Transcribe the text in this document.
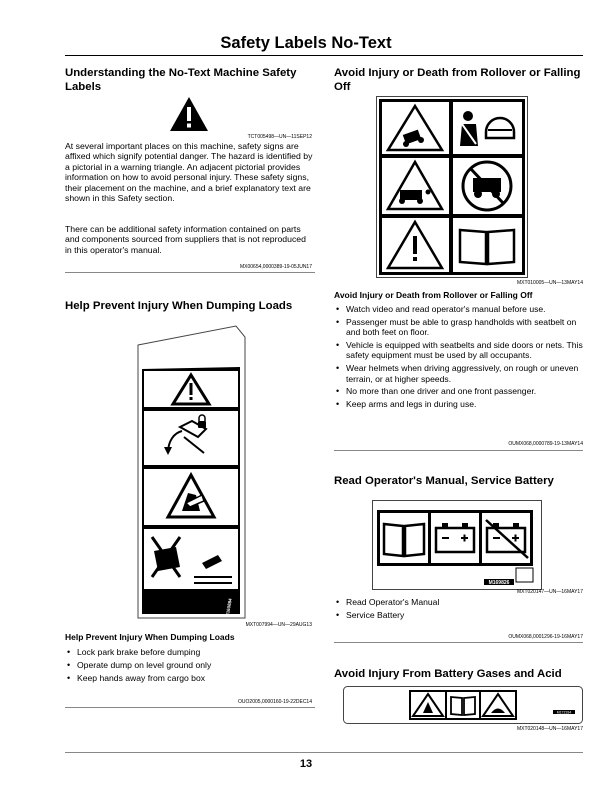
Safety Labels No-Text
Understanding the No-Text Machine Safety Labels
TCT005498—UN—11SEP12

At several important places on this machine, safety signs are affixed which signify potential danger. The hazard is identified by a pictorial in a warning triangle. An adjacent pictorial provides information on how to avoid personal injury. These safety signs, their placement on the machine, and a brief explanatory text are shown in this Safety section.

There can be additional safety information contained on parts and components sourced from suppliers that is not reproduced in this operator's manual.

MX00654,0000389-19-05JUN17
Help Prevent Injury When Dumping Loads
M160884
MXT007994—UN—29AUG13
Help Prevent Injury When Dumping Loads
• Lock park brake before dumping
• Operate dump on level ground only
• Keep hands away from cargo box
OUO2005,0000160-19-22DEC14
Avoid Injury or Death from Rollover or Falling Off
MXT010005—UN—13MAY14
Avoid Injury or Death from Rollover or Falling Off
• Watch video and read operator's manual before use.
• Passenger must be able to grasp handholds with seatbelt on and both feet on floor.
• Vehicle is equipped with seatbelts and side doors or nets. This safety equipment must be used by all occupants.
• Wear helmets when driving aggressively, on rough or uneven terrain, or at higher speeds.
• No more than one driver and one front passenger.
• Keep arms and legs in during use.
OUMX068,0000789-19-13MAY14
Read Operator's Manual, Service Battery
M169826
MXT020147—UN—16MAY17
• Read Operator's Manual
• Service Battery
OUMX068,0001296-19-16MAY17
Avoid Injury From Battery Gases and Acid
M172334
MXT020148—UN—16MAY17
13
